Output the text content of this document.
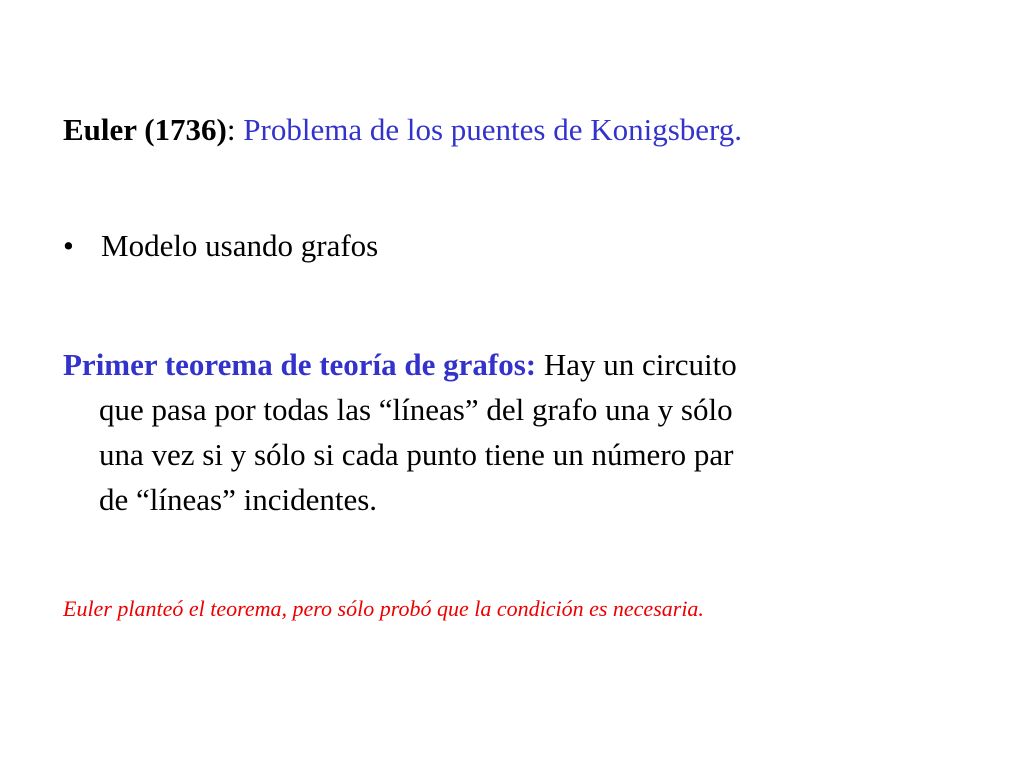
Euler (1736): Problema de los puentes de Konigsberg.
• Modelo usando grafos
Primer teorema de teoría de grafos: Hay un circuito
que pasa por todas las “líneas” del grafo una y sólo
una vez si y sólo si cada punto tiene un número par
de “líneas” incidentes.
Euler planteó el teorema, pero sólo probó que la condición es necesaria.
